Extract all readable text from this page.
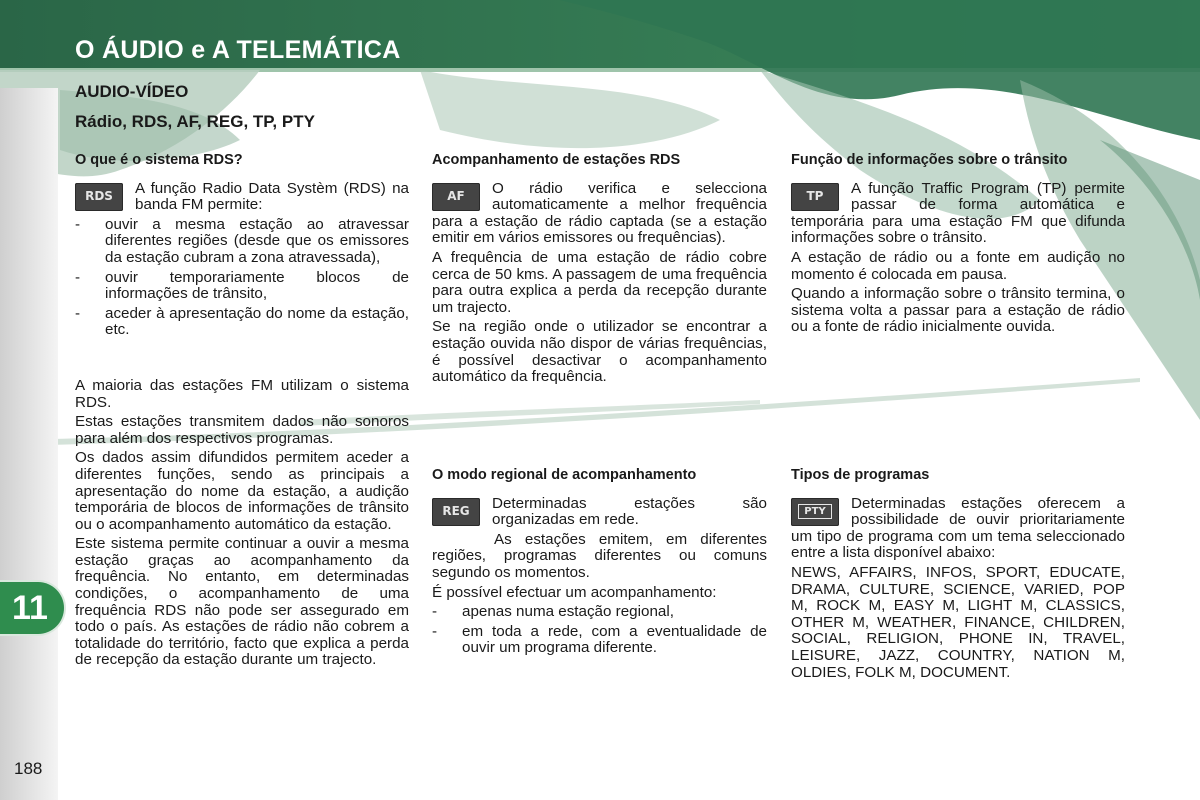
O ÁUDIO e A TELEMÁTICA
11
188
AUDIO-VÍDEO
Rádio, RDS, AF, REG, TP, PTY
O que é o sistema RDS?
RDS	A função Radio Data Systèm (RDS) na banda FM permite:

- ouvir a mesma estação ao atravessar diferentes regiões (desde que os emissores da estação cubram a zona atravessada),
- ouvir temporariamente blocos de informações de trânsito,
- aceder à apresentação do nome da estação, etc.

A maioria das estações FM utilizam o sistema RDS.

Estas estações transmitem dados não sonoros para além dos respectivos programas.

Os dados assim difundidos permitem aceder a diferentes funções, sendo as principais a apresentação do nome da estação, a audição temporária de blocos de informações de trânsito ou o acompanhamento automático da estação.

Este sistema permite continuar a ouvir a mesma estação graças ao acompanhamento da frequência. No entanto, em determinadas condições, o acompanhamento de uma frequência RDS não pode ser assegurado em todo o país. As estações de rádio não cobrem a totalidade do território, facto que explica a perda de recepção da estação durante um trajecto.

Acompanhamento de estações RDS
AF	O rádio verifica e selecciona automaticamente a melhor frequência para a estação de rádio captada (se a estação emitir em vários emissores ou frequências).

A frequência de uma estação de rádio cobre cerca de 50 kms. A passagem de uma frequência para outra explica a perda da recepção durante um trajecto.

Se na região onde o utilizador se encontrar a estação ouvida não dispor de várias frequências, é possível desactivar o acompanhamento automático da frequência.

Função de informações sobre o trânsito
TP	A função Traffic Program (TP) permite passar de forma automática e temporária para uma estação FM que difunda informações sobre o trânsito.

A estação de rádio ou a fonte em audição no momento é colocada em pausa.

Quando a informação sobre o trânsito termina, o sistema volta a passar para a estação de rádio ou a fonte de rádio inicialmente ouvida.

O modo regional de acompanhamento
REG	Determinadas estações são organizadas em rede.

As estações emitem, em diferentes regiões, programas diferentes ou comuns segundo os momentos.

É possível efectuar um acompanhamento:

- apenas numa estação regional,
- em toda a rede, com a eventualidade de ouvir um programa diferente.
Tipos de programas
PTY	Determinadas estações oferecem a possibilidade de ouvir prioritariamente um tipo de programa com um tema seleccionado entre a lista disponível abaixo:

NEWS, AFFAIRS, INFOS, SPORT, EDUCATE, DRAMA, CULTURE, SCIENCE, VARIED, POP M, ROCK M, EASY M, LIGHT M, CLASSICS, OTHER M, WEATHER, FINANCE, CHILDREN, SOCIAL, RELIGION, PHONE IN, TRAVEL, LEISURE, JAZZ, COUNTRY, NATION M, OLDIES, FOLK M, DOCUMENT.
